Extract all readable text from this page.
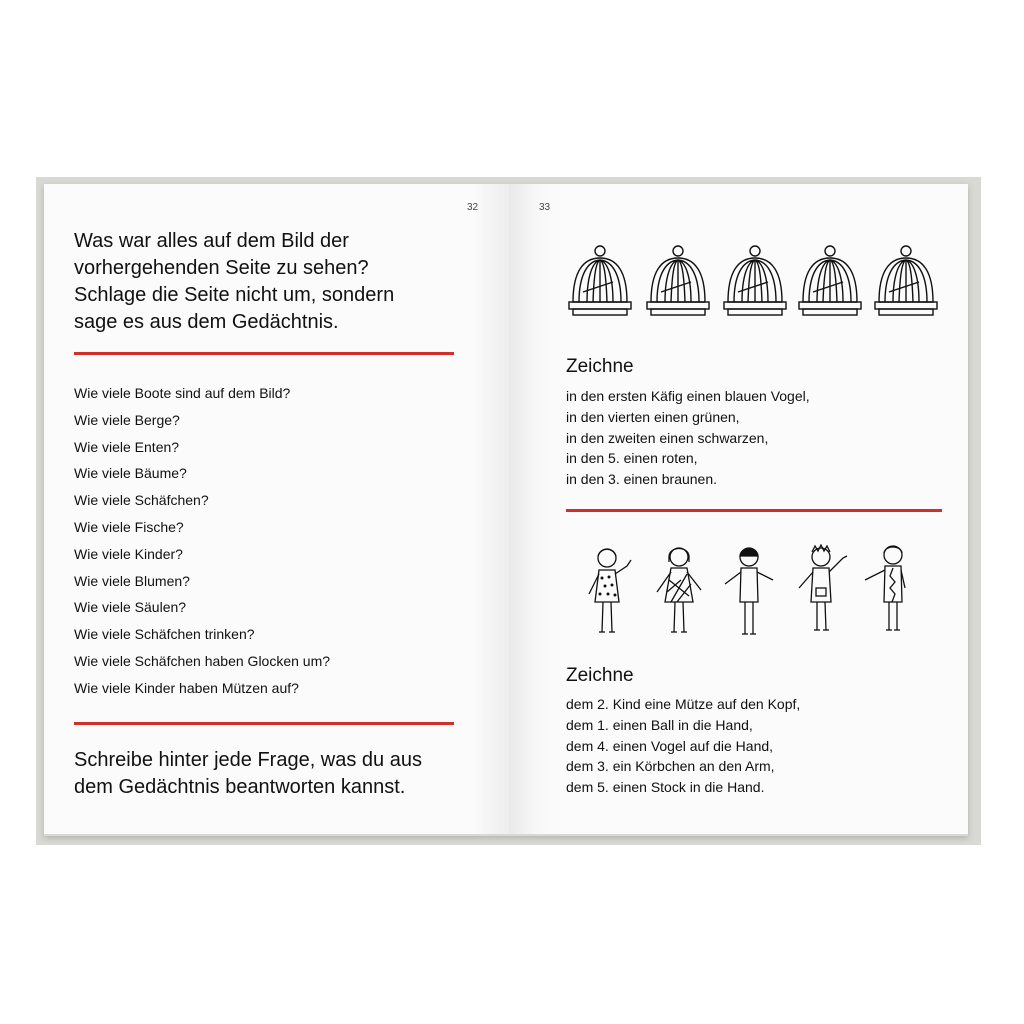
32
Was war alles auf dem Bild der
vorhergehenden Seite zu sehen?
Schlage die Seite nicht um, sondern
sage es aus dem Gedächtnis.
Wie viele Boote sind auf dem Bild?
Wie viele Berge?
Wie viele Enten?
Wie viele Bäume?
Wie viele Schäfchen?
Wie viele Fische?
Wie viele Kinder?
Wie viele Blumen?
Wie viele Säulen?
Wie viele Schäfchen trinken?
Wie viele Schäfchen haben Glocken um?
Wie viele Kinder haben Mützen auf?

Schreibe hinter jede Frage, was du aus
dem Gedächtnis beantworten kannst.

33
Zeichne
in den ersten Käfig einen blauen Vogel,
in den vierten einen grünen,
in den zweiten einen schwarzen,
in den 5. einen roten,
in den 3. einen braunen.
Zeichne
dem 2. Kind eine Mütze auf den Kopf,
dem 1. einen Ball in die Hand,
dem 4. einen Vogel auf die Hand,
dem 3. ein Körbchen an den Arm,
dem 5. einen Stock in die Hand.
